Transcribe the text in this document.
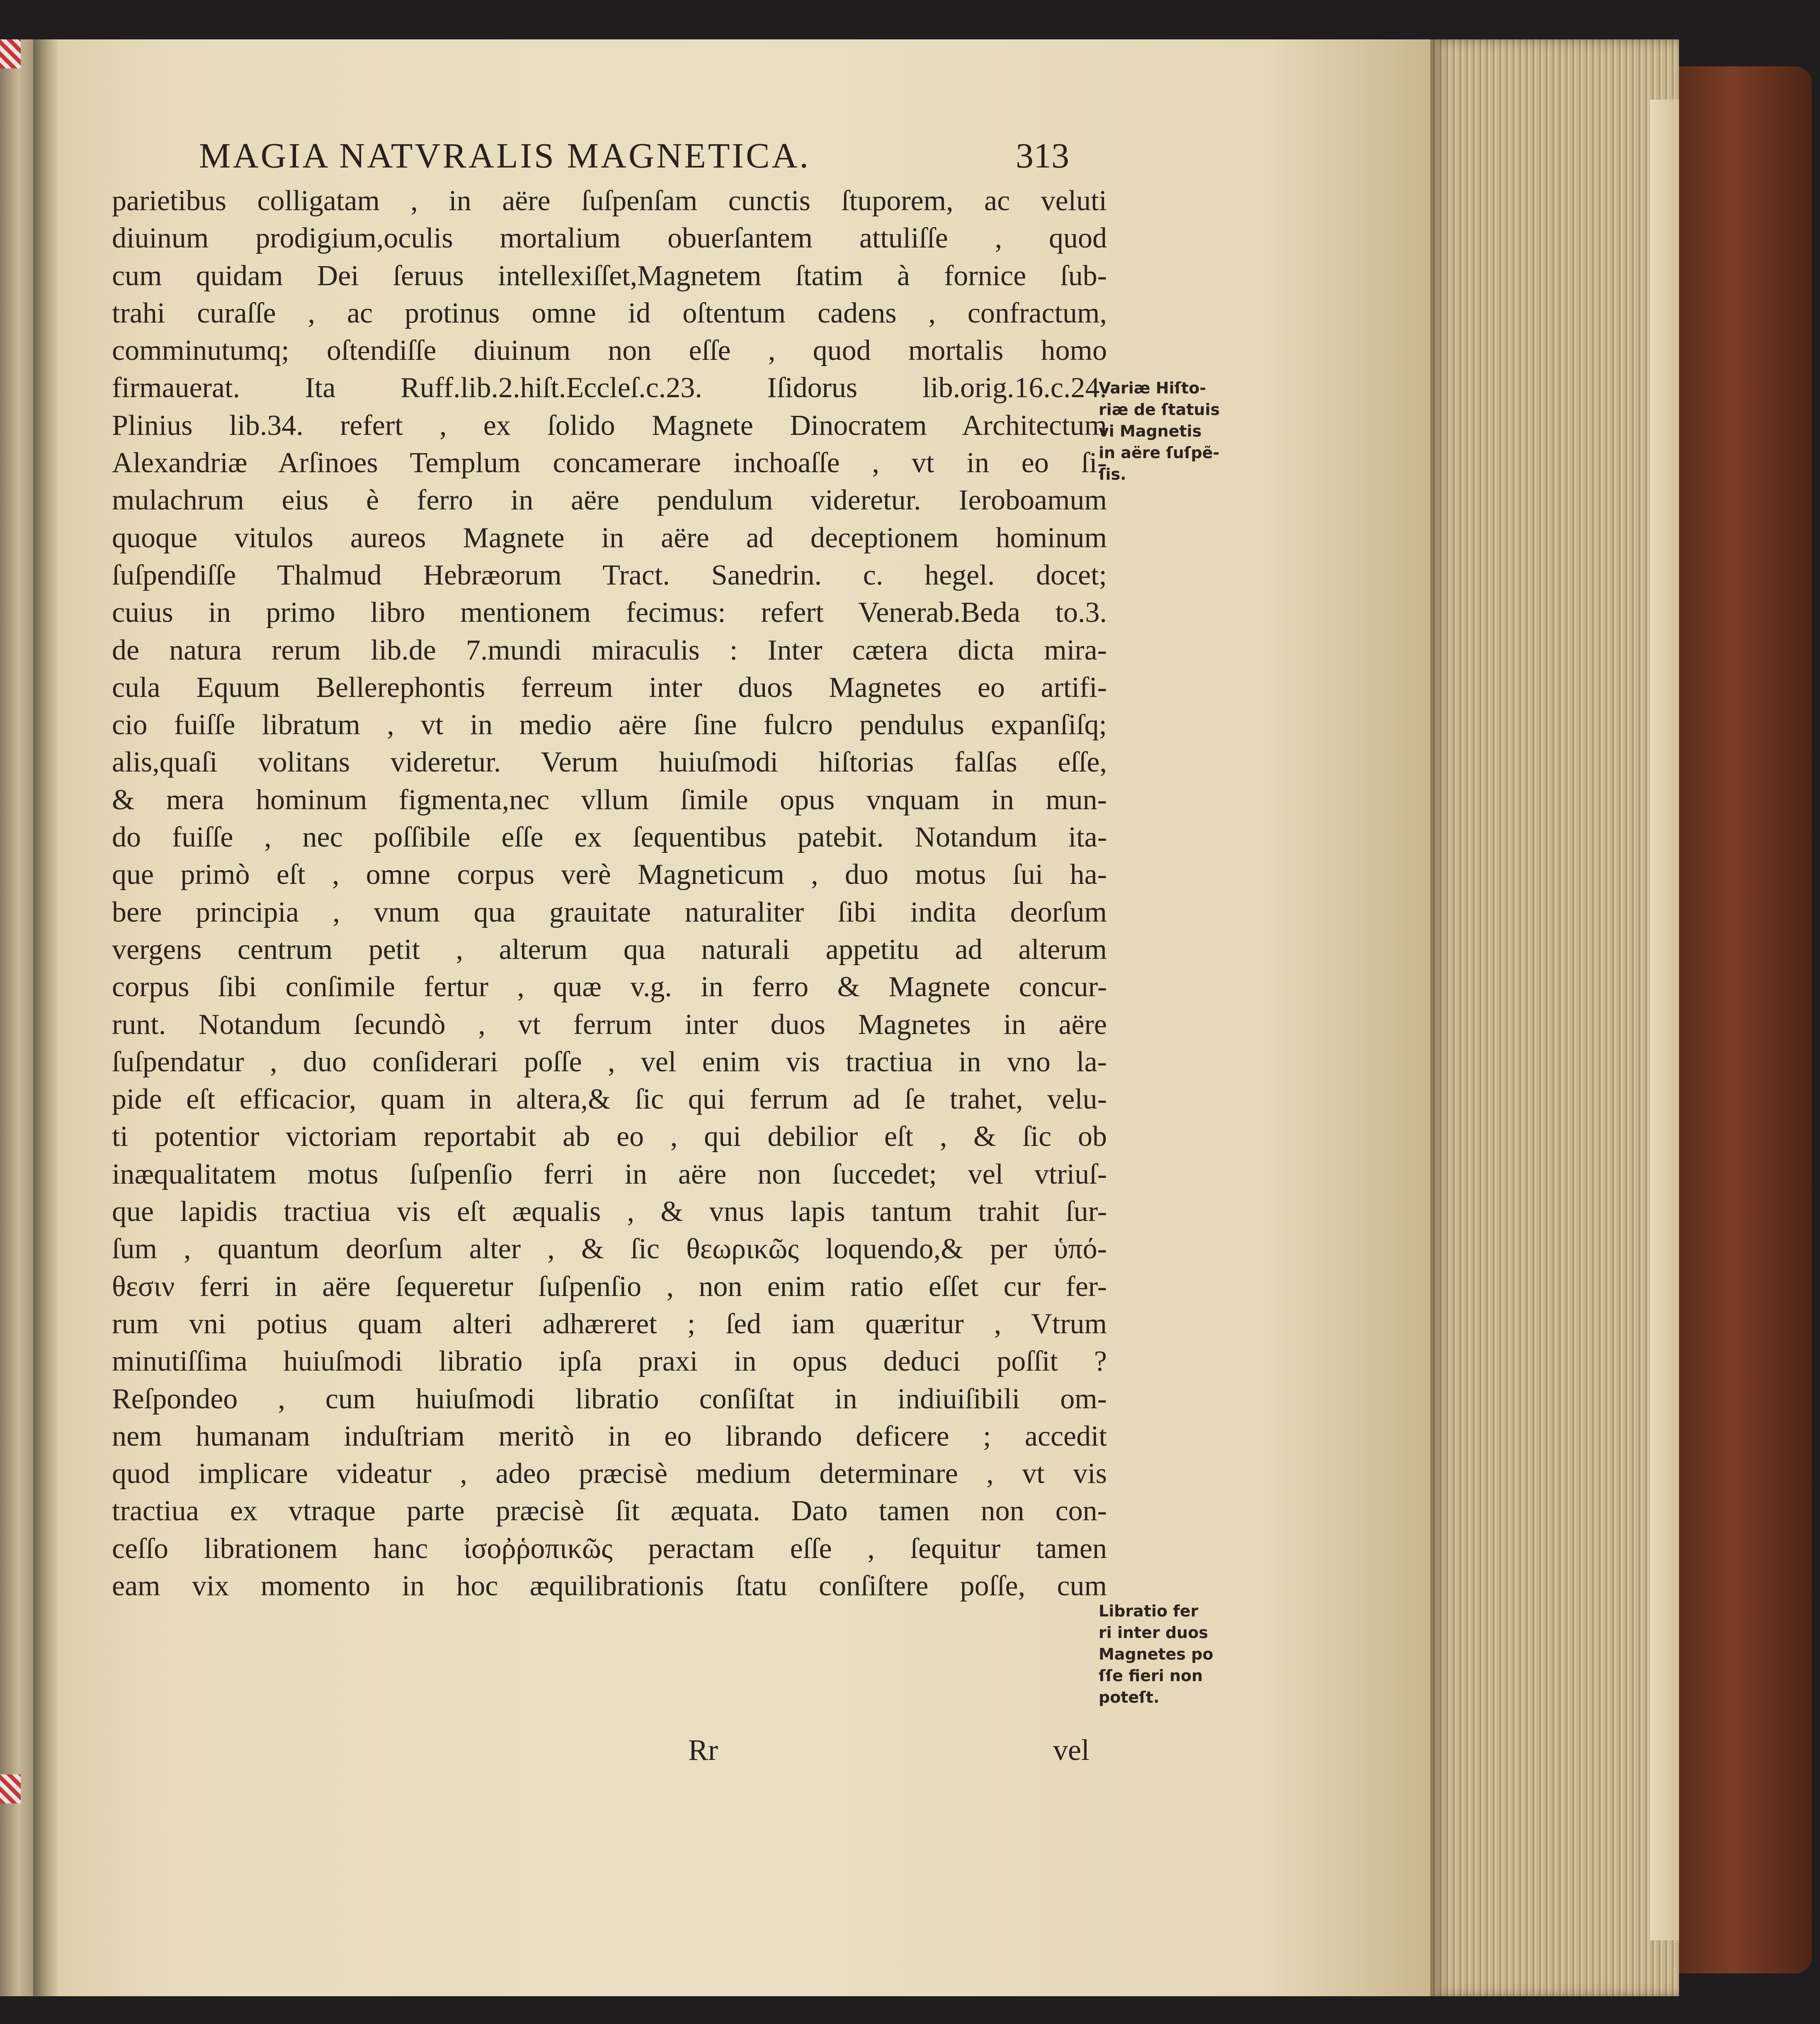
MAGIA NATVRALIS MAGNETICA.	313
parietibus colligatam , in aëre ſuſpenſam cunctis ſtuporem, ac veluti
diuinum prodigium,oculis mortalium obuerſantem attuliſſe , quod
cum quidam Dei ſeruus intellexiſſet,Magnetem ſtatim à fornice ſub-
trahi curaſſe , ac protinus omne id oſtentum cadens , confractum,
comminutumq; oſtendiſſe diuinum non eſſe , quod mortalis homo
firmauerat. Ita Ruff.lib.2.hiſt.Eccleſ.c.23. Iſidorus lib.orig.16.c.24.
Plinius lib.34. refert , ex ſolido Magnete Dinocratem Architectum
Alexandriæ Arſinoes Templum concamerare inchoaſſe , vt in eo ſi-
mulachrum eius è ferro in aëre pendulum videretur. Ieroboamum
quoque vitulos aureos Magnete in aëre ad deceptionem hominum
ſuſpendiſſe Thalmud Hebræorum Tract. Sanedrin. c. hegel. docet;
cuius in primo libro mentionem fecimus: refert Venerab.Beda to.3.
de natura rerum lib.de 7.mundi miraculis : Inter cætera dicta mira-
cula Equum Bellerephontis ferreum inter duos Magnetes eo artifi-
cio fuiſſe libratum , vt in medio aëre ſine fulcro pendulus expanſiſq;
alis,quaſi volitans videretur. Verum huiuſmodi hiſtorias falſas eſſe,
& mera hominum figmenta,nec vllum ſimile opus vnquam in mun-
do fuiſſe , nec poſſibile eſſe ex ſequentibus patebit. Notandum ita-
que primò eſt , omne corpus verè Magneticum , duo motus ſui ha-
bere principia , vnum qua grauitate naturaliter ſibi indita deorſum
vergens centrum petit , alterum qua naturali appetitu ad alterum
corpus ſibi conſimile fertur , quæ v.g. in ferro & Magnete concur-
runt. Notandum ſecundò , vt ferrum inter duos Magnetes in aëre
ſuſpendatur , duo conſiderari poſſe , vel enim vis tractiua in vno la-
pide eſt efficacior, quam in altera,& ſic qui ferrum ad ſe trahet, velu-
ti potentior victoriam reportabit ab eo , qui debilior eſt , & ſic ob
inæqualitatem motus ſuſpenſio ferri in aëre non ſuccedet; vel vtriuſ-
que lapidis tractiua vis eſt æqualis , & vnus lapis tantum trahit ſur-
ſum , quantum deorſum alter , & ſic θεωρικῶς loquendo,& per ὑπό-
θεσιν ferri in aëre ſequeretur ſuſpenſio , non enim ratio eſſet cur fer-
rum vni potius quam alteri adhæreret ; ſed iam quæritur , Vtrum
minutiſſima huiuſmodi libratio ipſa praxi in opus deduci poſſit ?
Reſpondeo , cum huiuſmodi libratio conſiſtat in indiuiſibili om-
nem humanam induſtriam meritò in eo librando deficere ; accedit
quod implicare videatur , adeo præcisè medium determinare , vt vis
tractiua ex vtraque parte præcisè ſit æquata. Dato tamen non con-
ceſſo librationem hanc ἰσοῤῥοπικῶς peractam eſſe , ſequitur tamen
eam vix momento in hoc æquilibrationis ſtatu conſiſtere poſſe, cum
Variæ Hiſto-
riæ de ſtatuis
vi Magnetis
in aëre ſuſpẽ-
ſis.
Libratio fer
ri inter duos
Magnetes po
ſſe fieri non
poteſt.
Rr	vel
